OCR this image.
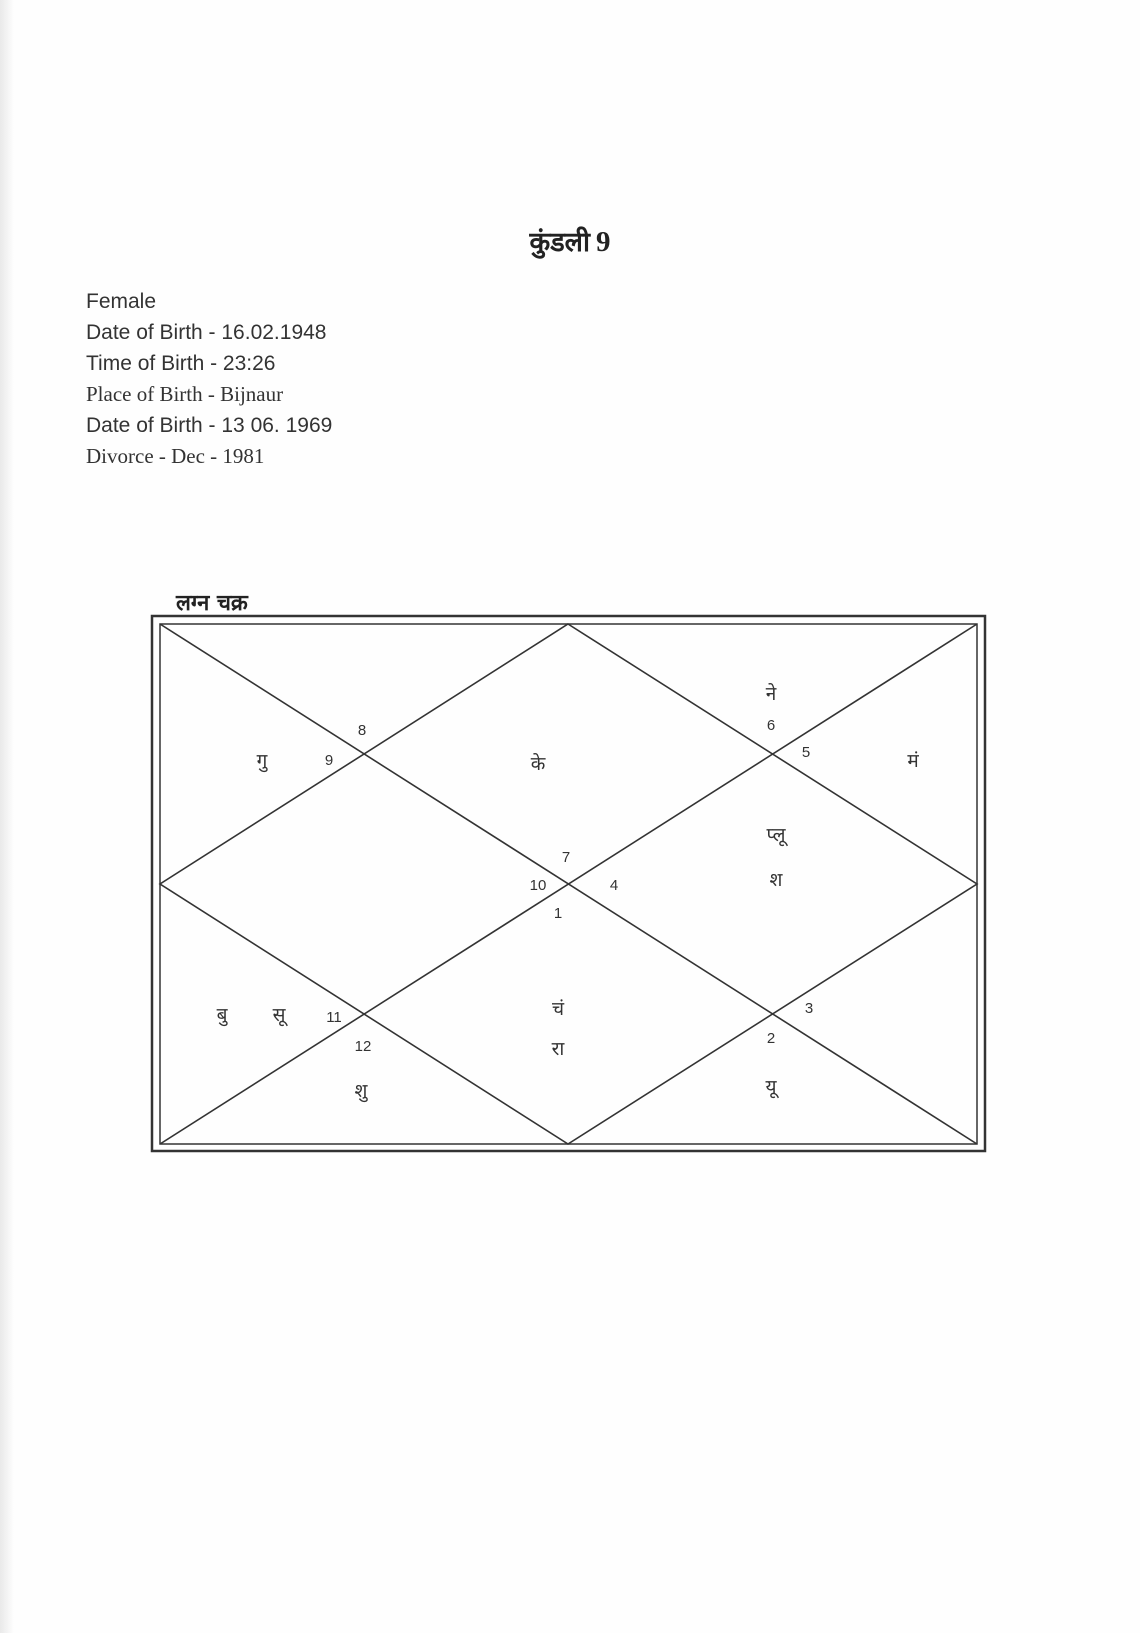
कुंडली 9
Female
Date of Birth - 16.02.1948
Time of Birth - 23:26
Place of Birth - Bijnaur
Date of Birth - 13 06. 1969
Divorce - Dec - 1981
लग्न चक्र
10
के
9
गु
8
7
6
ने
5	मं
4
प्लू
श
3
2
यू
1
चं
रा
12
शु
11
बु सू
